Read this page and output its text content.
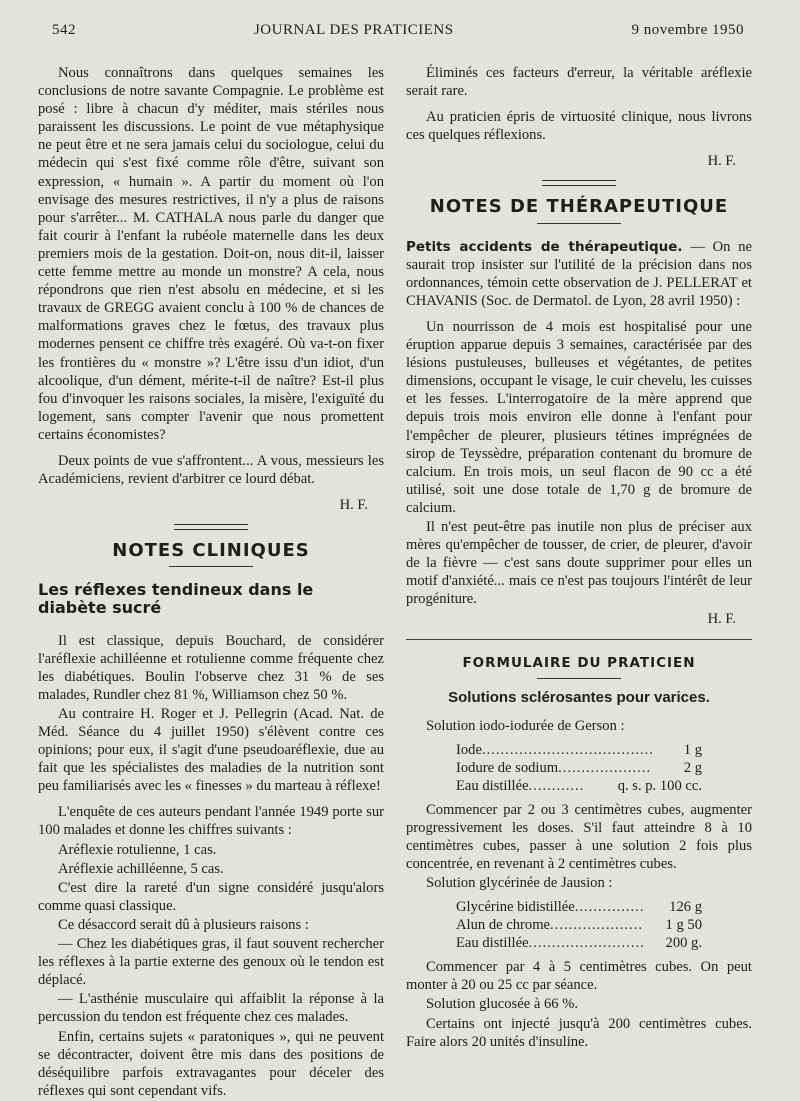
542	JOURNAL DES PRATICIENS	9 novembre 1950

Nous connaîtrons dans quelques semaines les conclusions de notre savante Compagnie. Le problème est posé : libre à chacun d'y méditer, mais stériles nous paraissent les discussions. Le point de vue métaphysique ne peut être et ne sera jamais celui du sociologue, celui du médecin qui s'est fixé comme rôle d'être, suivant son expression, « humain ». A partir du moment où l'on envisage des mesures restrictives, il n'y a plus de raisons pour s'arrêter... M. CATHALA nous parle du danger que fait courir à l'enfant la rubéole maternelle dans les deux premiers mois de la gestation. Doit-on, nous dit-il, laisser cette femme mettre au monde un monstre? A cela, nous répondrons que rien n'est absolu en médecine, et si les travaux de GREGG avaient conclu à 100 % de chances de malformations graves chez le fœtus, des travaux plus modernes pensent ce chiffre très exagéré. Où va-t-on fixer les frontières du « monstre »? L'être issu d'un idiot, d'un alcoolique, d'un dément, mérite-t-il de naître? Est-il plus fou d'invoquer les raisons sociales, la misère, l'exiguïté du logement, sans compter l'avenir que nous promettent certains économistes?

Deux points de vue s'affrontent... A vous, messieurs les Académiciens, revient d'arbitrer ce lourd débat.

H. F.
NOTES CLINIQUES
Les réflexes tendineux dans le diabète sucré

Il est classique, depuis Bouchard, de considérer l'aréflexie achilléenne et rotulienne comme fréquente chez les diabétiques. Boulin l'observe chez 31 % de ses malades, Rundler chez 81 %, Williamson chez 50 %.

Au contraire H. Roger et J. Pellegrin (Acad. Nat. de Méd. Séance du 4 juillet 1950) s'élèvent contre ces opinions; pour eux, il s'agit d'une pseudoaréflexie, due au fait que les spécialistes des maladies de la nutrition sont peu familiarisés avec les « finesses » du marteau à réflexe!

L'enquête de ces auteurs pendant l'année 1949 porte sur 100 malades et donne les chiffres suivants :

Aréflexie rotulienne, 1 cas.

Aréflexie achilléenne, 5 cas.

C'est dire la rareté d'un signe considéré jusqu'alors comme quasi classique.

Ce désaccord serait dû à plusieurs raisons :

— Chez les diabétiques gras, il faut souvent rechercher les réflexes à la partie externe des genoux où le tendon est déplacé.

— L'asthénie musculaire qui affaiblit la réponse à la percussion du tendon est fréquente chez ces malades.

Enfin, certains sujets « paratoniques », qui ne peuvent se décontracter, doivent être mis dans des positions de déséquilibre parfois extravagantes pour déceler des réflexes qui sont cependant vifs.

Éliminés ces facteurs d'erreur, la véritable aréflexie serait rare.

Au praticien épris de virtuosité clinique, nous livrons ces quelques réflexions.

H. F.
NOTES DE THÉRAPEUTIQUE

Petits accidents de thérapeutique. — On ne saurait trop insister sur l'utilité de la précision dans nos ordonnances, témoin cette observation de J. PELLERAT et CHAVANIS (Soc. de Dermatol. de Lyon, 28 avril 1950) :

Un nourrisson de 4 mois est hospitalisé pour une éruption apparue depuis 3 semaines, caractérisée par des lésions pustuleuses, bulleuses et végétantes, de petites dimensions, occupant le visage, le cuir chevelu, les cuisses et les fesses. L'interrogatoire de la mère apprend que depuis trois mois environ elle donne à l'enfant pour l'empêcher de pleurer, plusieurs tétines imprégnées de sirop de Teyssèdre, préparation contenant du bromure de calcium. En trois mois, un seul flacon de 90 cc a été utilisé, soit une dose totale de 1,70 g de bromure de calcium.

Il n'est peut-être pas inutile non plus de préciser aux mères qu'empêcher de tousser, de crier, de pleurer, d'avoir de la fièvre — c'est sans doute supprimer pour elles un motif d'anxiété... mais ce n'est pas toujours l'intérêt de leur progéniture.

H. F.
FORMULAIRE DU PRATICIEN
Solutions sclérosantes pour varices.

Solution iodo-iodurée de Gerson :

Iode .....	1 g
Iodure de sodium .....	2 g
Eau distillée .....	q. s. p. 100 cc.

Commencer par 2 ou 3 centimètres cubes, augmenter progressivement les doses. S'il faut atteindre 8 à 10 centimètres cubes, passer à une solution 2 fois plus concentrée, en revenant à 2 centimètres cubes.

Solution glycérinée de Jausion :

Glycérine bidistillée .....	126 g
Alun de chrome .....	1 g 50
Eau distillée .....	200 g.

Commencer par 4 à 5 centimètres cubes. On peut monter à 20 ou 25 cc par séance.

Solution glucosée à 66 %.

Certains ont injecté jusqu'à 200 centimètres cubes. Faire alors 20 unités d'insuline.
